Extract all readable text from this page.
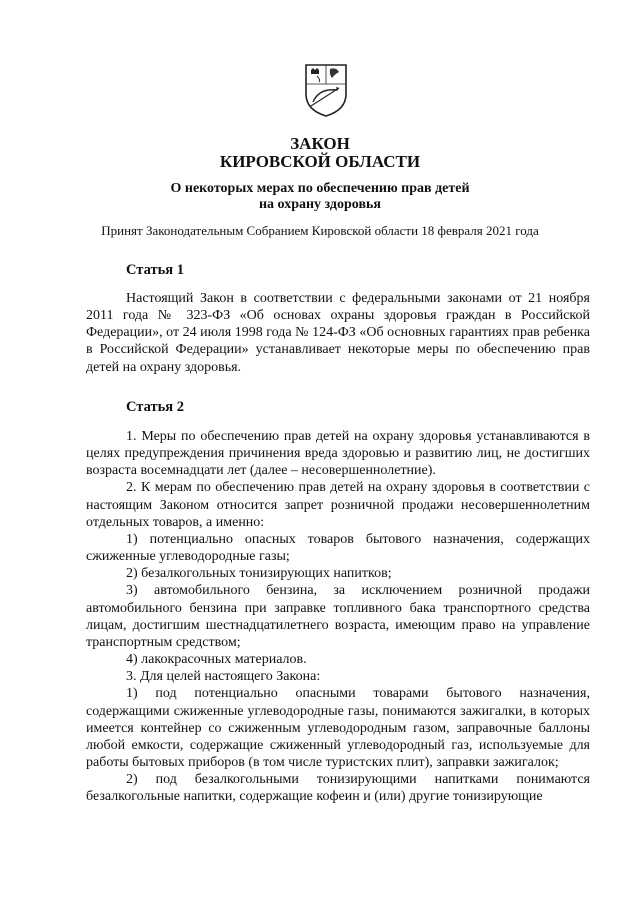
ЗАКОН
КИРОВСКОЙ ОБЛАСТИ
О некоторых мерах по обеспечению прав детей
на охрану здоровья
Принят Законодательным Собранием Кировской области 18 февраля 2021 года
Статья 1

Настоящий Закон в соответствии с федеральными законами от 21 ноября 2011 года № 323-ФЗ «Об основах охраны здоровья граждан в Российской Федерации», от 24 июля 1998 года № 124-ФЗ «Об основных гарантиях прав ребенка в Российской Федерации» устанавливает некоторые меры по обеспечению прав детей на охрану здоровья.

Статья 2

1. Меры по обеспечению прав детей на охрану здоровья устанавливаются в целях предупреждения причинения вреда здоровью и развитию лиц, не достигших возраста восемнадцати лет (далее – несовершеннолетние).

2. К мерам по обеспечению прав детей на охрану здоровья в соответствии с настоящим Законом относится запрет розничной продажи несовершеннолетним отдельных товаров, а именно:

1) потенциально опасных товаров бытового назначения, содержащих сжиженные углеводородные газы;

2) безалкогольных тонизирующих напитков;

3) автомобильного бензина, за исключением розничной продажи автомобильного бензина при заправке топливного бака транспортного средства лицам, достигшим шестнадцатилетнего возраста, имеющим право на управление транспортным средством;

4) лакокрасочных материалов.

3. Для целей настоящего Закона:

1) под потенциально опасными товарами бытового назначения, содержащими сжиженные углеводородные газы, понимаются зажигалки, в которых имеется контейнер со сжиженным углеводородным газом, заправочные баллоны любой емкости, содержащие сжиженный углеводородный газ, используемые для работы бытовых приборов (в том числе туристских плит), заправки зажигалок;

2) под безалкогольными тонизирующими напитками понимаются безалкогольные напитки, содержащие кофеин и (или) другие тонизирующие
